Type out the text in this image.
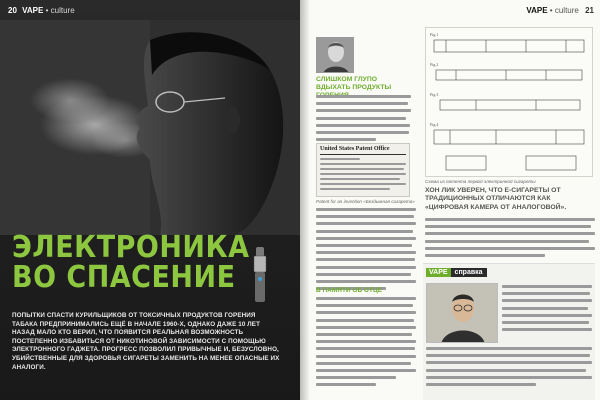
20 VAPE • culture
ЭЛЕКТРОНИКА
ВО СПАСЕНИЕ
ПОПЫТКИ СПАСТИ КУРИЛЬЩИКОВ ОТ ТОКСИЧНЫХ ПРОДУКТОВ ГОРЕНИЯ ТАБАКА ПРЕДПРИНИМАЛИСЬ ЕЩЁ В НАЧАЛЕ 1960-Х, ОДНАКО ДАЖЕ 10 ЛЕТ НАЗАД МАЛО КТО ВЕРИЛ, ЧТО ПОЯВИТСЯ РЕАЛЬНАЯ ВОЗМОЖНОСТЬ ПОСТЕПЕННО ИЗБАВИТЬСЯ ОТ НИКОТИНОВОЙ ЗАВИСИМОСТИ С ПОМОЩЬЮ ЭЛЕКТРОННОГО ГАДЖЕТА. ПРОГРЕСС ПОЗВОЛИЛ ПРИВЫЧНЫЕ И, БЕЗУСЛОВНО, УБИЙСТВЕННЫЕ ДЛЯ ЗДОРОВЬЯ СИГАРЕТЫ ЗАМЕНИТЬ НА МЕНЕЕ ОПАСНЫЕ ИХ АНАЛОГИ.
VAPE • culture 21
СЛИШКОМ ГЛУПО ВДЫХАТЬ ПРОДУКТЫ
United States Patent Office
Patent for an invention «Бездымная сигарета»
В ПАМЯТИ ОБ ОТЦЕ
Fig.1
Fig.2
Fig.3
Fig.4
Схема из патента первой электронной сигареты
ХОН ЛИК УВЕРЕН, ЧТО Е-СИГАРЕТЫ ОТ ТРАДИЦИОННЫХ ОТЛИЧАЮТСЯ КАК «ЦИФРОВАЯ КАМЕРА ОТ АНАЛОГОВОЙ».
VAPE	справка
